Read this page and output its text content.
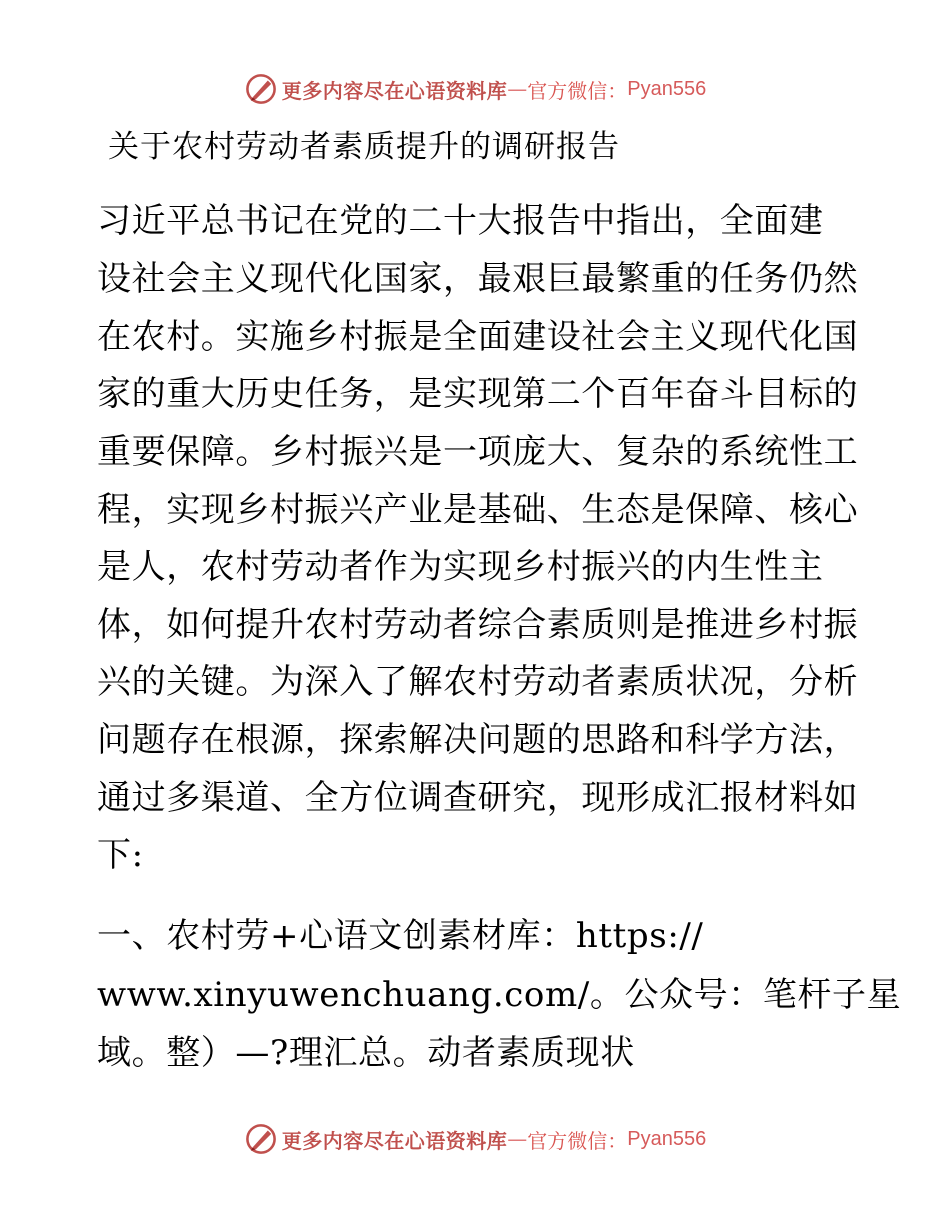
更多内容尽在心语资料库 — 官方微信： Pyan556
关于农村劳动者素质提升的调研报告
习近平总书记在党的二十大报告中指出，全面建
设社会主义现代化国家，最艰巨最繁重的任务仍然
在农村。实施乡村振是全面建设社会主义现代化国
家的重大历史任务，是实现第二个百年奋斗目标的
重要保障。乡村振兴是一项庞大、复杂的系统性工
程，实现乡村振兴产业是基础、生态是保障、核心
是人，农村劳动者作为实现乡村振兴的内生性主
体，如何提升农村劳动者综合素质则是推进乡村振
兴的关键。为深入了解农村劳动者素质状况，分析
问题存在根源，探索解决问题的思路和科学方法，
通过多渠道、全方位调查研究，现形成汇报材料如
下:
一、农村劳+心语文创素材库：https://
www.xinyuwenchuang.com/。公众号：笔杆子星
域。整）—?理汇总。动者素质现状
更多内容尽在心语资料库 — 官方微信： Pyan556
